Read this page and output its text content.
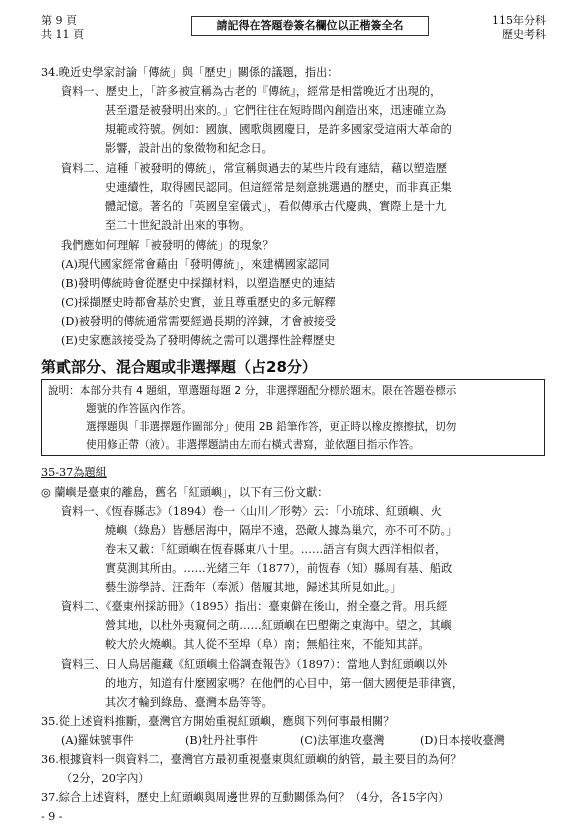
第 9 頁
共 11 頁
請記得在答題卷簽名欄位以正楷簽全名	115年分科
歷史考科
34.晚近史學家討論「傳統」與「歷史」關係的議題，指出：
資料一、歷史上，「許多被宣稱為古老的『傳統』，經常是相當晚近才出現的，
甚至還是被發明出來的。」它們往往在短時間內創造出來，迅速確立為
規範或符號。例如：國旗、國歌與國慶日，是許多國家受這兩大革命的
影響，設計出的象徵物和紀念日。
資料二、這種「被發明的傳統」，常宣稱與過去的某些片段有連結，藉以塑造歷
史連續性，取得國民認同。但這經常是刻意挑選過的歷史，而非真正集
體記憶。著名的「英國皇室儀式」，看似傳承古代慶典，實際上是十九
至二十世紀設計出來的事物。
我們應如何理解「被發明的傳統」的現象？
(A)現代國家經常會藉由「發明傳統」，來建構國家認同
(B)發明傳統時會從歷史中採擷材料，以塑造歷史的連結
(C)採擷歷史時都會基於史實，並且尊重歷史的多元解釋
(D)被發明的傳統通常需要經過長期的淬鍊，才會被接受
(E)史家應該接受為了發明傳統之需可以選擇性詮釋歷史
第貳部分、混合題或非選擇題（占28分）
說明：本部分共有 4 題組，單選題每題 2 分，非選擇題配分標於題末。限在答題卷標示
題號的作答區內作答。
選擇題與「非選擇題作圖部分」使用 2B 鉛筆作答，更正時以橡皮擦擦拭，切勿
使用修正帶（液）。非選擇題請由左而右橫式書寫，並依題目指示作答。
35-37為題組
◎ 蘭嶼是臺東的離島，舊名「紅頭嶼」，以下有三份文獻：
資料一、《恆春縣志》（1894）卷一〈山川／形勢〉云：「小琉球、紅頭嶼、火
燒嶼（綠島）皆懸居海中，隔岸不遠，恐敵人據為巢穴，亦不可不防。」
卷末又載：「紅頭嶼在恆春縣東八十里。……語言有與大西洋相似者，
實莫測其所由。……光緒三年（1877），前恆春（知）縣周有基、船政
藝生游學詩、汪喬年（奉派）偕履其地，歸述其所見如此。」
資料二、《臺東州採訪冊》（1895）指出：臺東僻在後山，拊全臺之背。用兵經
營其地，以杜外夷窺伺之萌……紅頭嶼在巴塱衛之東海中。望之，其嶼
較大於火燒嶼。其人從不至埠（阜）南；無船往來，不能知其詳。
資料三、日人鳥居龍藏《紅頭嶼土俗調查報告》（1897）：當地人對紅頭嶼以外
的地方，知道有什麼國家嗎？在他們的心目中，第一個大國便是菲律賓，
其次才輪到綠島、臺灣本島等等。
35.從上述資料推斷，臺灣官方開始重視紅頭嶼，應與下列何事最相關？
(A)羅妹號事件	(B)牡丹社事件	(C)法軍進攻臺灣	(D)日本接收臺灣
36.根據資料一與資料二，臺灣官方最初重視臺東與紅頭嶼的納管，最主要目的為何？
（2分，20字內）
37.綜合上述資料，歷史上紅頭嶼與周邊世界的互動關係為何？（4分，各15字內）
- 9 -
